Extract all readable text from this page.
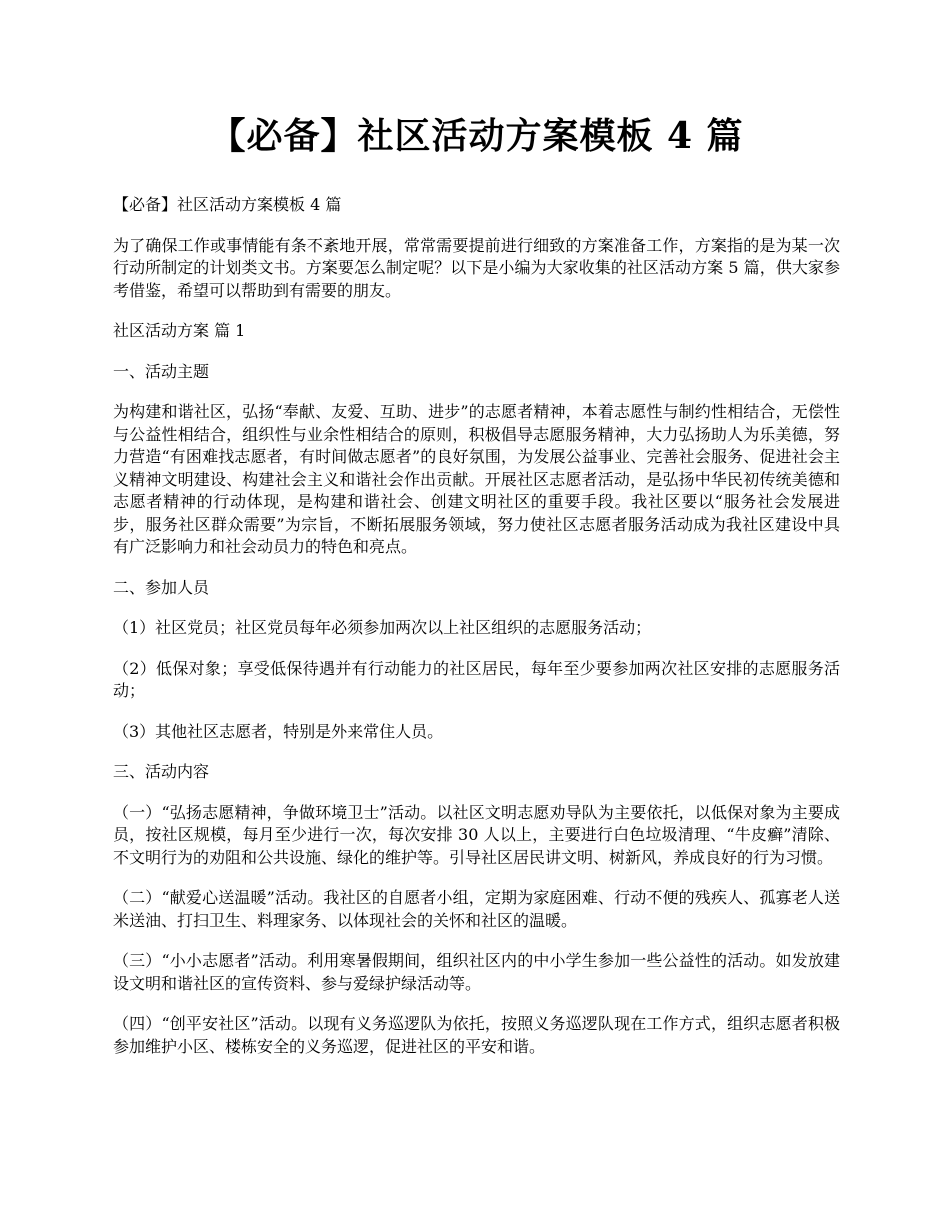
【必备】社区活动方案模板 4 篇

【必备】社区活动方案模板 4 篇

为了确保工作或事情能有条不紊地开展，常常需要提前进行细致的方案准备工作，方案指的是为某一次行动所制定的计划类文书。方案要怎么制定呢？以下是小编为大家收集的社区活动方案 5 篇，供大家参考借鉴，希望可以帮助到有需要的朋友。

社区活动方案 篇 1

一、活动主题

为构建和谐社区，弘扬“奉献、友爱、互助、进步”的志愿者精神，本着志愿性与制约性相结合，无偿性与公益性相结合，组织性与业余性相结合的原则，积极倡导志愿服务精神，大力弘扬助人为乐美德，努力营造“有困难找志愿者，有时间做志愿者”的良好氛围，为发展公益事业、完善社会服务、促进社会主义精神文明建设、构建社会主义和谐社会作出贡献。开展社区志愿者活动，是弘扬中华民初传统美德和志愿者精神的行动体现，是构建和谐社会、创建文明社区的重要手段。我社区要以“服务社会发展进步，服务社区群众需要”为宗旨，不断拓展服务领域，努力使社区志愿者服务活动成为我社区建设中具有广泛影响力和社会动员力的特色和亮点。

二、参加人员

（1）社区党员；社区党员每年必须参加两次以上社区组织的志愿服务活动；

（2）低保对象；享受低保待遇并有行动能力的社区居民，每年至少要参加两次社区安排的志愿服务活动；

（3）其他社区志愿者，特别是外来常住人员。

三、活动内容

（一）“弘扬志愿精神，争做环境卫士”活动。以社区文明志愿劝导队为主要依托，以低保对象为主要成员，按社区规模，每月至少进行一次，每次安排 30 人以上，主要进行白色垃圾清理、“牛皮癣”清除、不文明行为的劝阻和公共设施、绿化的维护等。引导社区居民讲文明、树新风，养成良好的行为习惯。

（二）“献爱心送温暖”活动。我社区的自愿者小组，定期为家庭困难、行动不便的残疾人、孤寡老人送米送油、打扫卫生、料理家务、以体现社会的关怀和社区的温暖。

（三）“小小志愿者”活动。利用寒暑假期间，组织社区内的中小学生参加一些公益性的活动。如发放建设文明和谐社区的宣传资料、参与爱绿护绿活动等。

（四）“创平安社区”活动。以现有义务巡逻队为依托，按照义务巡逻队现在工作方式，组织志愿者积极参加维护小区、楼栋安全的义务巡逻，促进社区的平安和谐。
